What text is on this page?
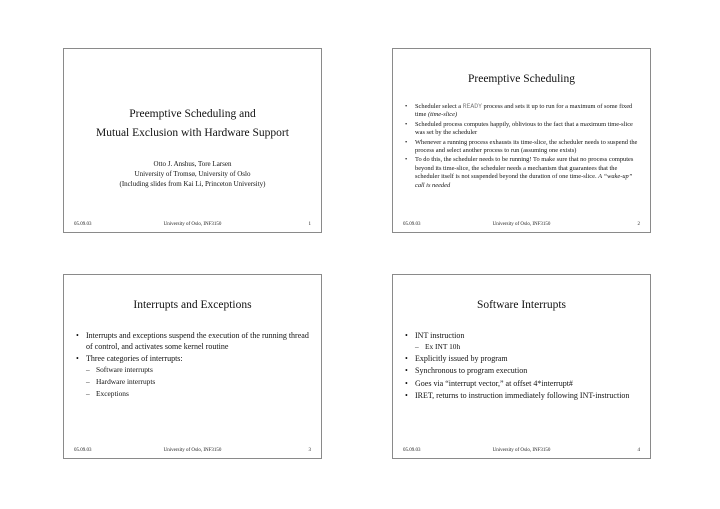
Preemptive Scheduling and
Mutual Exclusion with Hardware Support
Otto J. Anshus, Tore Larsen
University of Tromsø, University of Oslo
(Including slides from Kai Li, Princeton University)
05.09.03	University of Oslo, INF3150	1
Preemptive Scheduling
• Scheduler select a READY process and sets it up to run for a maximum of some fixed time (time-slice)
• Scheduled process computes happily, oblivious to the fact that a maximum time-slice was set by the scheduler
• Whenever a running process exhausts its time-slice, the scheduler needs to suspend the process and select another process to run (assuming one exists)
• To do this, the scheduler needs to be running! To make sure that no process computes beyond its time-slice, the scheduler needs a mechanism that guarantees that the scheduler itself is not suspended beyond the duration of one time-slice. A “wake-up” call is needed
05.09.03	University of Oslo, INF3150	2
Interrupts and Exceptions
• Interrupts and exceptions suspend the execution of the running thread of control, and activates some kernel routine
• Three categories of interrupts:
– Software interrupts
– Hardware interrupts
– Exceptions
05.09.03	University of Oslo, INF3150	3
Software Interrupts
• INT instruction
– Ex INT 10h
• Explicitly issued by program
• Synchronous to program execution
• Goes via “interrupt vector,” at offset 4*interrupt#
• IRET, returns to instruction immediately following INT-instruction
05.09.03	University of Oslo, INF3150	4
